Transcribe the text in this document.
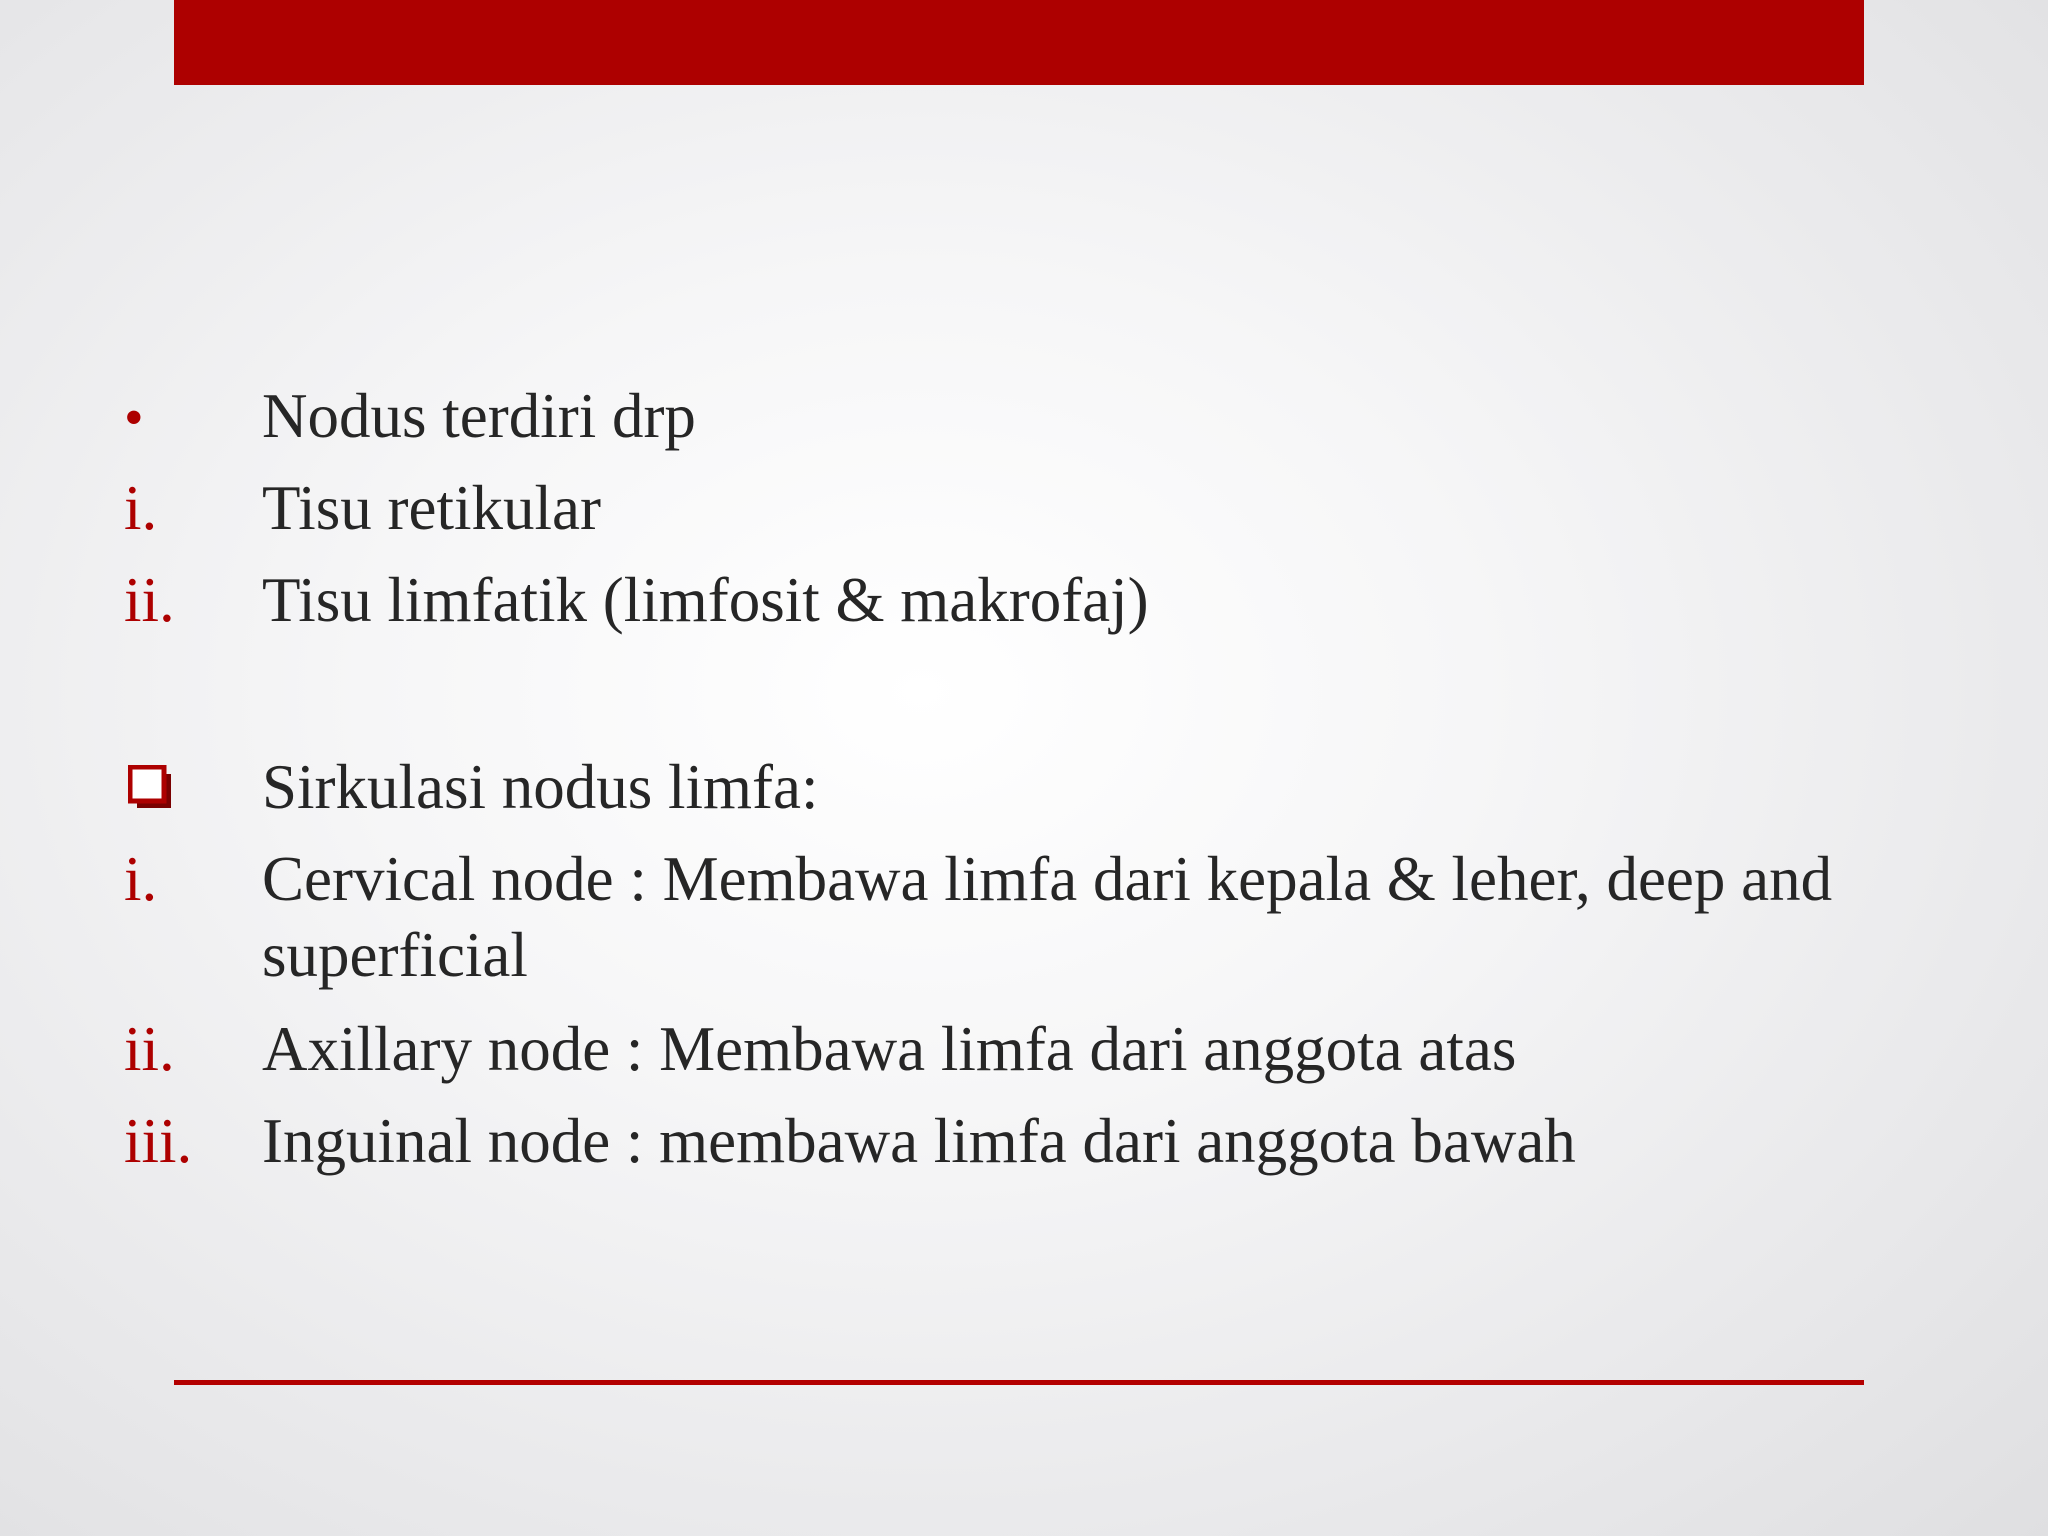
• Nodus terdiri drp
i. Tisu retikular
ii. Tisu limfatik (limfosit & makrofaj)
Sirkulasi nodus limfa:
i. Cervical node : Membawa limfa dari kepala & leher, deep and superficial
ii. Axillary node : Membawa limfa dari anggota atas
iii. Inguinal node : membawa limfa dari anggota bawah
